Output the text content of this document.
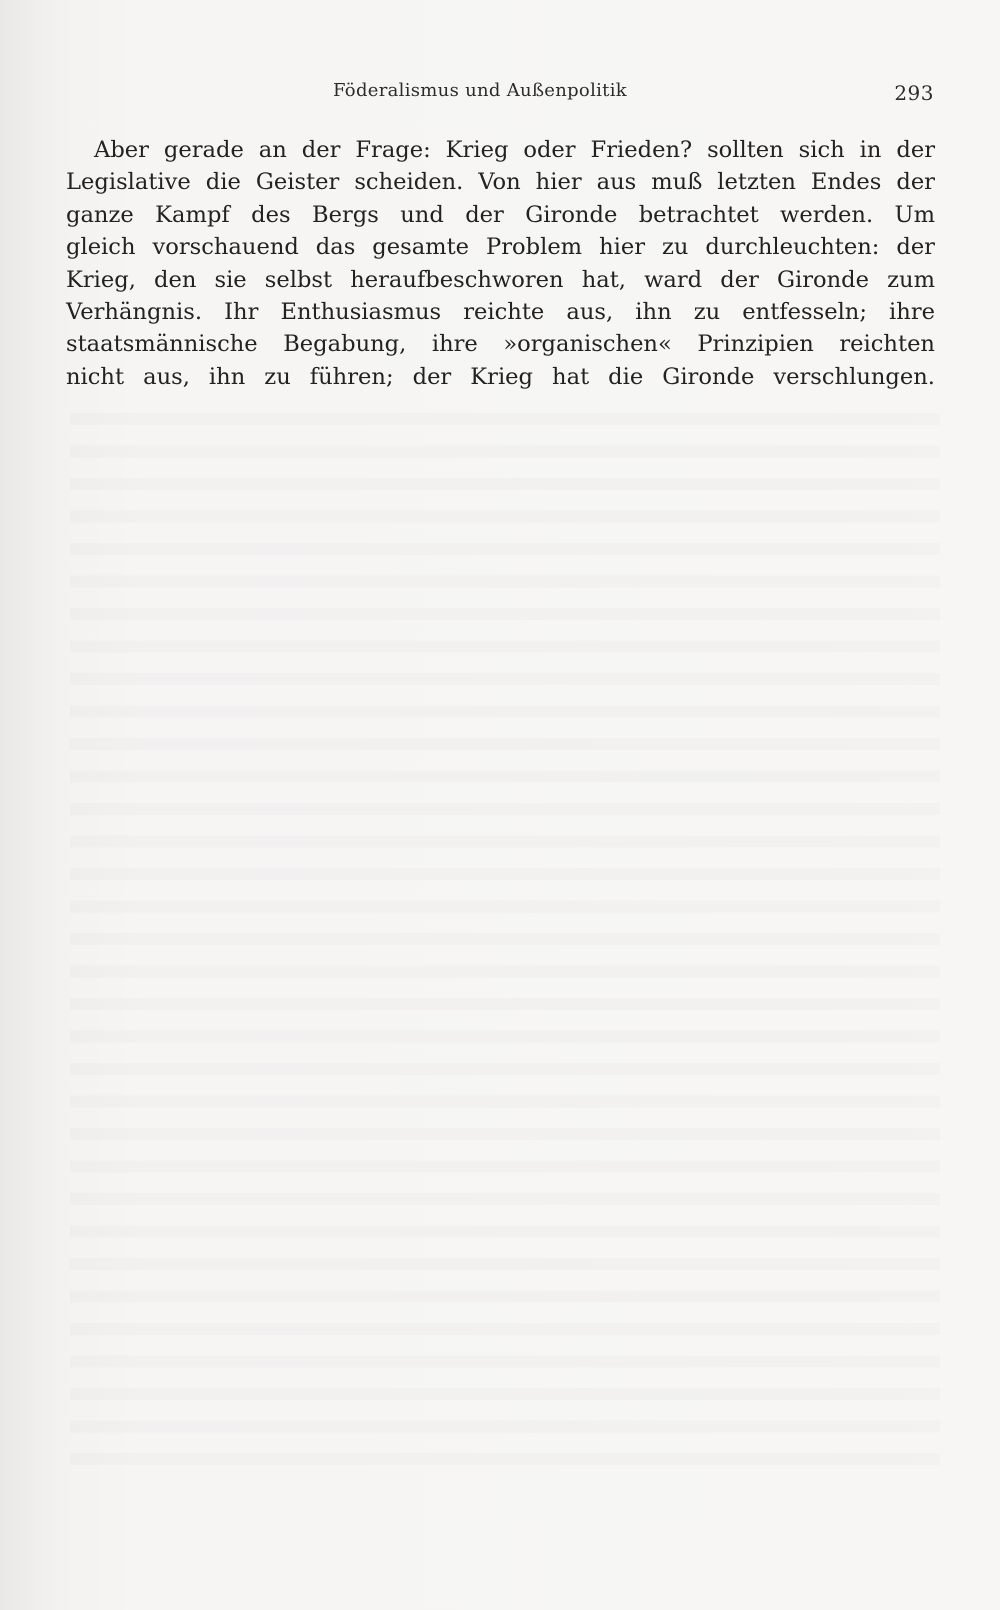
Föderalismus und Außenpolitik	293
Aber gerade an der Frage: Krieg oder Frieden? sollten sich in der
Legislative die Geister scheiden. Von hier aus muß letzten Endes der
ganze Kampf des Bergs und der Gironde betrachtet werden. Um
gleich vorschauend das gesamte Problem hier zu durchleuchten: der
Krieg, den sie selbst heraufbeschworen hat, ward der Gironde zum
Verhängnis. Ihr Enthusiasmus reichte aus, ihn zu entfesseln; ihre
staatsmännische Begabung, ihre »organischen« Prinzipien reichten
nicht aus, ihn zu führen; der Krieg hat die Gironde verschlungen.
